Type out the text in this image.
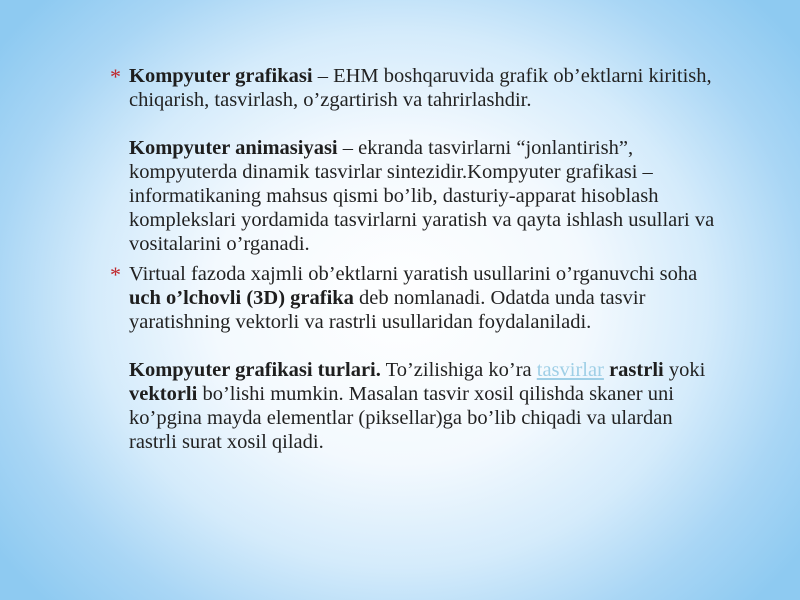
* Kompyuter grafikasi – EHM boshqaruvida grafik ob’ektlarni kiritish, chiqarish, tasvirlash, o’zgartirish va tahrirlashdir.

Kompyuter animasiyasi – ekranda tasvirlarni “jonlantirish”, kompyuterda dinamik tasvirlar sintezidir.Kompyuter grafikasi – informatikaning mahsus qismi bo’lib, dasturiy-apparat hisoblash komplekslari yordamida tasvirlarni yaratish va qayta ishlash usullari va vositalarini o’rganadi.

* Virtual fazoda xajmli ob’ektlarni yaratish usullarini o’rganuvchi soha uch o’lchovli (3D) grafika deb nomlanadi. Odatda unda tasvir yaratishning vektorli va rastrli usullaridan foydalaniladi.

Kompyuter grafikasi turlari. To’zilishiga ko’ra tasvirlar rastrli yoki vektorli bo’lishi mumkin. Masalan tasvir xosil qilishda skaner uni ko’pgina mayda elementlar (piksellar)ga bo’lib chiqadi va ulardan rastrli surat xosil qiladi.
